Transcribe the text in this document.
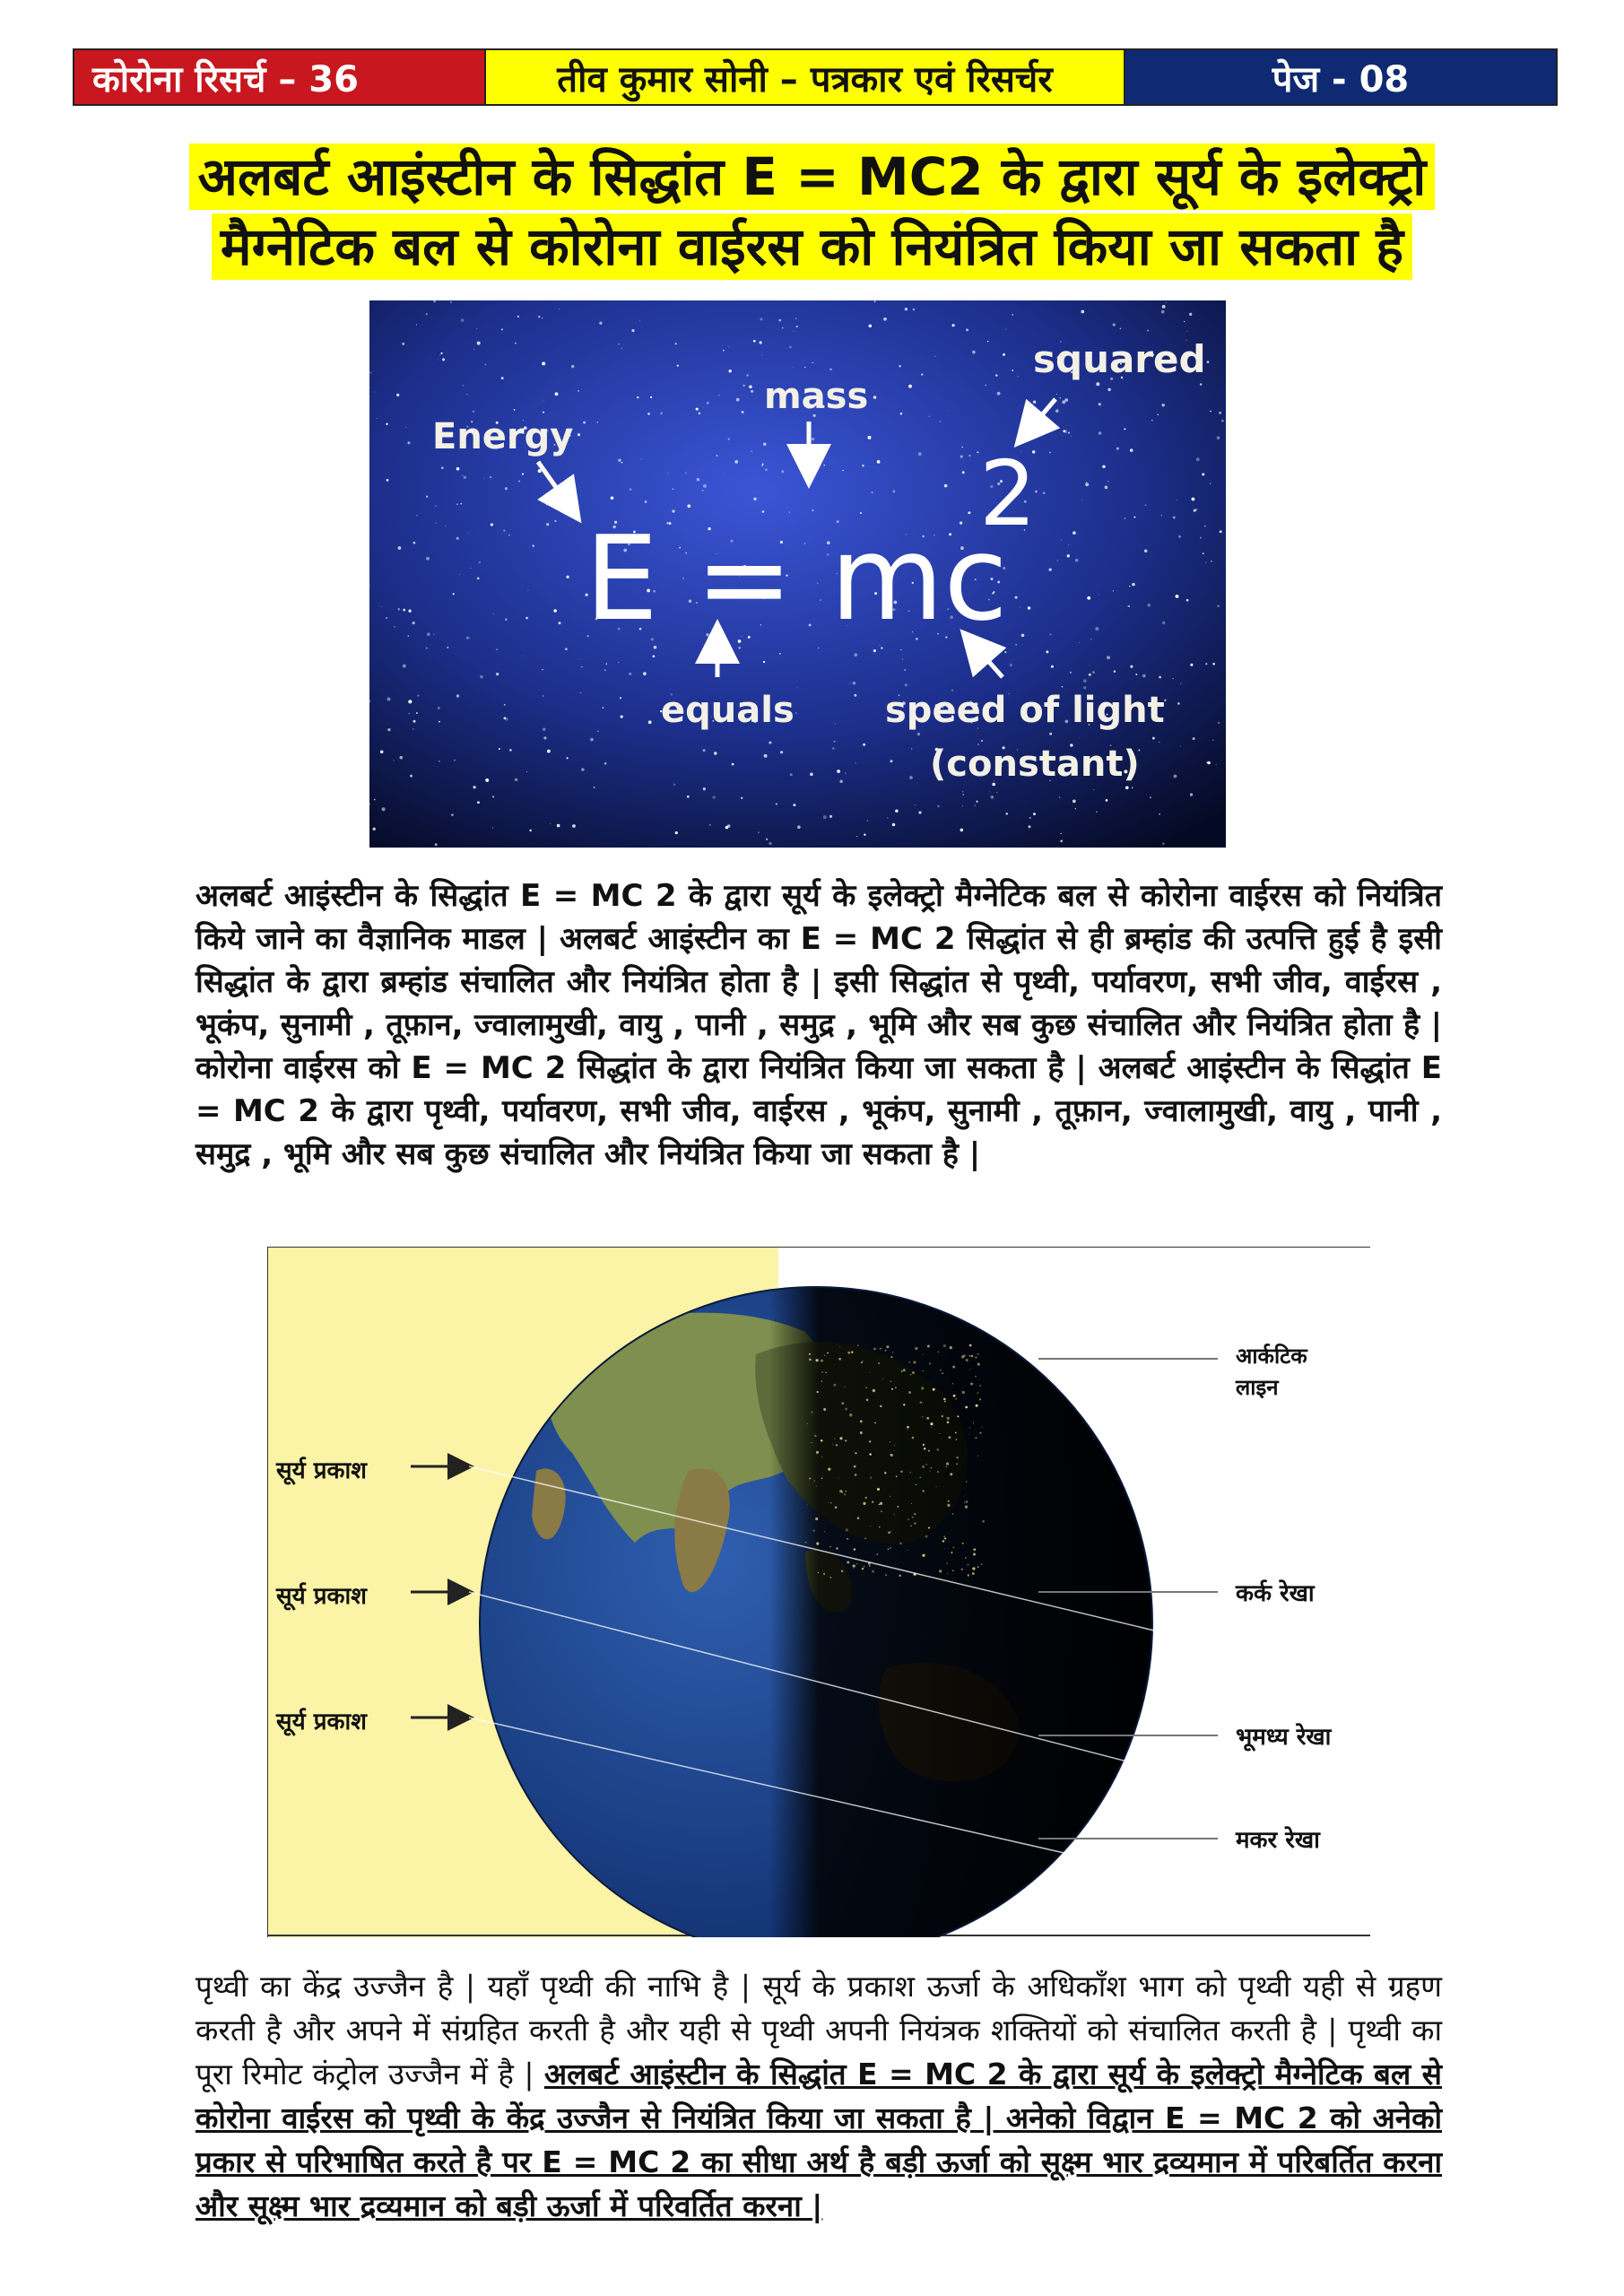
कोरोना रिसर्च – 36	तीव कुमार सोनी – पत्रकार एवं रिसर्चर	पेज - 08
अलबर्ट आइंस्टीन के सिद्धांत E = MC2 के द्वारा सूर्य के इलेक्ट्रो
मैग्नेटिक बल से कोरोना वाईरस को नियंत्रित किया जा सकता है
Energy
mass
squared
E = mc
2
equals	speed of light
(constant)
अलबर्ट आइंस्टीन के सिद्धांत E = MC 2 के द्वारा सूर्य के इलेक्ट्रो मैग्नेटिक बल से कोरोना वाईरस को नियंत्रित किये जाने का वैज्ञानिक माडल | अलबर्ट आइंस्टीन का E = MC 2 सिद्धांत से ही ब्रम्हांड की उत्पत्ति हुई है इसी सिद्धांत के द्वारा ब्रम्हांड संचालित और नियंत्रित होता है | इसी सिद्धांत से पृथ्वी, पर्यावरण, सभी जीव, वाईरस , भूकंप, सुनामी , तूफ़ान, ज्वालामुखी, वायु , पानी , समुद्र , भूमि और सब कुछ संचालित और नियंत्रित होता है | कोरोना वाईरस को E = MC 2 सिद्धांत के द्वारा नियंत्रित किया जा सकता है | अलबर्ट आइंस्टीन के सिद्धांत E = MC 2 के द्वारा पृथ्वी, पर्यावरण, सभी जीव, वाईरस , भूकंप, सुनामी , तूफ़ान, ज्वालामुखी, वायु , पानी , समुद्र , भूमि और सब कुछ संचालित और नियंत्रित किया जा सकता है |
सूर्य प्रकाश
सूर्य प्रकाश
सूर्य प्रकाश
आर्कटिक
लाइन
कर्क रेखा
भूमध्य रेखा
मकर रेखा
पृथ्वी का केंद्र उज्जैन है | यहाँ पृथ्वी की नाभि है | सूर्य के प्रकाश ऊर्जा के अधिकाँश भाग को पृथ्वी यही से ग्रहण करती है और अपने में संग्रहित करती है और यही से पृथ्वी अपनी नियंत्रक शक्तियों को संचालित करती है | पृथ्वी का पूरा रिमोट कंट्रोल उज्जैन में है | अलबर्ट आइंस्टीन के सिद्धांत E = MC 2 के द्वारा सूर्य के इलेक्ट्रो मैग्नेटिक बल से कोरोना वाईरस को पृथ्वी के केंद्र उज्जैन से नियंत्रित किया जा सकता है | अनेको विद्वान E = MC 2 को अनेको प्रकार से परिभाषित करते है पर E = MC 2 का सीधा अर्थ है बड़ी ऊर्जा को सूक्ष्म भार द्रव्यमान में परिबर्तित करना और सूक्ष्म भार द्रव्यमान को बड़ी ऊर्जा में परिवर्तित करना |
